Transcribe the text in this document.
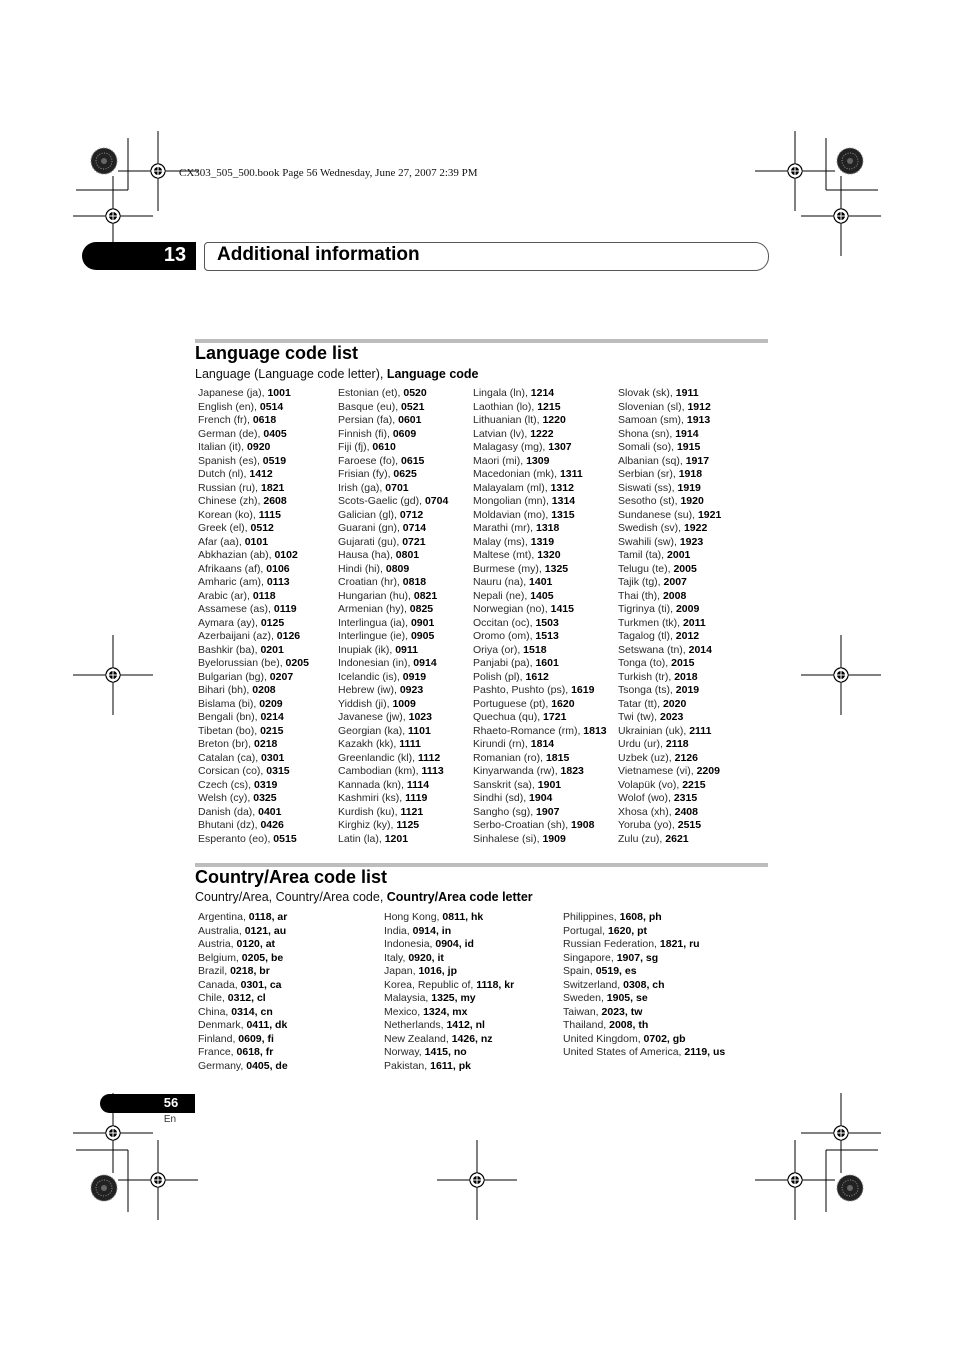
CX303_505_500.book Page 56 Wednesday, June 27, 2007 2:39 PM
13 Additional information
Language code list
Language (Language code letter), Language code
Japanese (ja), 1001
English (en), 0514
French (fr), 0618
German (de), 0405
Italian (it), 0920
Spanish (es), 0519
Dutch (nl), 1412
Russian (ru), 1821
Chinese (zh), 2608
Korean (ko), 1115
Greek (el), 0512
Afar (aa), 0101
Abkhazian (ab), 0102
Afrikaans (af), 0106
Amharic (am), 0113
Arabic (ar), 0118
Assamese (as), 0119
Aymara (ay), 0125
Azerbaijani (az), 0126
Bashkir (ba), 0201
Byelorussian (be), 0205
Bulgarian (bg), 0207
Bihari (bh), 0208
Bislama (bi), 0209
Bengali (bn), 0214
Tibetan (bo), 0215
Breton (br), 0218
Catalan (ca), 0301
Corsican (co), 0315
Czech (cs), 0319
Welsh (cy), 0325
Danish (da), 0401
Bhutani (dz), 0426
Esperanto (eo), 0515
Estonian (et), 0520
Basque (eu), 0521
Persian (fa), 0601
Finnish (fi), 0609
Fiji (fj), 0610
Faroese (fo), 0615
Frisian (fy), 0625
Irish (ga), 0701
Scots-Gaelic (gd), 0704
Galician (gl), 0712
Guarani (gn), 0714
Gujarati (gu), 0721
Hausa (ha), 0801
Hindi (hi), 0809
Croatian (hr), 0818
Hungarian (hu), 0821
Armenian (hy), 0825
Interlingua (ia), 0901
Interlingue (ie), 0905
Inupiak (ik), 0911
Indonesian (in), 0914
Icelandic (is), 0919
Hebrew (iw), 0923
Yiddish (ji), 1009
Javanese (jw), 1023
Georgian (ka), 1101
Kazakh (kk), 1111
Greenlandic (kl), 1112
Cambodian (km), 1113
Kannada (kn), 1114
Kashmiri (ks), 1119
Kurdish (ku), 1121
Kirghiz (ky), 1125
Latin (la), 1201
Lingala (ln), 1214
Laothian (lo), 1215
Lithuanian (lt), 1220
Latvian (lv), 1222
Malagasy (mg), 1307
Maori (mi), 1309
Macedonian (mk), 1311
Malayalam (ml), 1312
Mongolian (mn), 1314
Moldavian (mo), 1315
Marathi (mr), 1318
Malay (ms), 1319
Maltese (mt), 1320
Burmese (my), 1325
Nauru (na), 1401
Nepali (ne), 1405
Norwegian (no), 1415
Occitan (oc), 1503
Oromo (om), 1513
Oriya (or), 1518
Panjabi (pa), 1601
Polish (pl), 1612
Pashto, Pushto (ps), 1619
Portuguese (pt), 1620
Quechua (qu), 1721
Rhaeto-Romance (rm), 1813
Kirundi (rn), 1814
Romanian (ro), 1815
Kinyarwanda (rw), 1823
Sanskrit (sa), 1901
Sindhi (sd), 1904
Sangho (sg), 1907
Serbo-Croatian (sh), 1908
Sinhalese (si), 1909
Slovak (sk), 1911
Slovenian (sl), 1912
Samoan (sm), 1913
Shona (sn), 1914
Somali (so), 1915
Albanian (sq), 1917
Serbian (sr), 1918
Siswati (ss), 1919
Sesotho (st), 1920
Sundanese (su), 1921
Swedish (sv), 1922
Swahili (sw), 1923
Tamil (ta), 2001
Telugu (te), 2005
Tajik (tg), 2007
Thai (th), 2008
Tigrinya (ti), 2009
Turkmen (tk), 2011
Tagalog (tl), 2012
Setswana (tn), 2014
Tonga (to), 2015
Turkish (tr), 2018
Tsonga (ts), 2019
Tatar (tt), 2020
Twi (tw), 2023
Ukrainian (uk), 2111
Urdu (ur), 2118
Uzbek (uz), 2126
Vietnamese (vi), 2209
Volapük (vo), 2215
Wolof (wo), 2315
Xhosa (xh), 2408
Yoruba (yo), 2515
Zulu (zu), 2621
Country/Area code list
Country/Area, Country/Area code, Country/Area code letter
Argentina, 0118, ar
Australia, 0121, au
Austria, 0120, at
Belgium, 0205, be
Brazil, 0218, br
Canada, 0301, ca
Chile, 0312, cl
China, 0314, cn
Denmark, 0411, dk
Finland, 0609, fi
France, 0618, fr
Germany, 0405, de
Hong Kong, 0811, hk
India, 0914, in
Indonesia, 0904, id
Italy, 0920, it
Japan, 1016, jp
Korea, Republic of, 1118, kr
Malaysia, 1325, my
Mexico, 1324, mx
Netherlands, 1412, nl
New Zealand, 1426, nz
Norway, 1415, no
Pakistan, 1611, pk
Philippines, 1608, ph
Portugal, 1620, pt
Russian Federation, 1821, ru
Singapore, 1907, sg
Spain, 0519, es
Switzerland, 0308, ch
Sweden, 1905, se
Taiwan, 2023, tw
Thailand, 2008, th
United Kingdom, 0702, gb
United States of America, 2119, us
56
En
